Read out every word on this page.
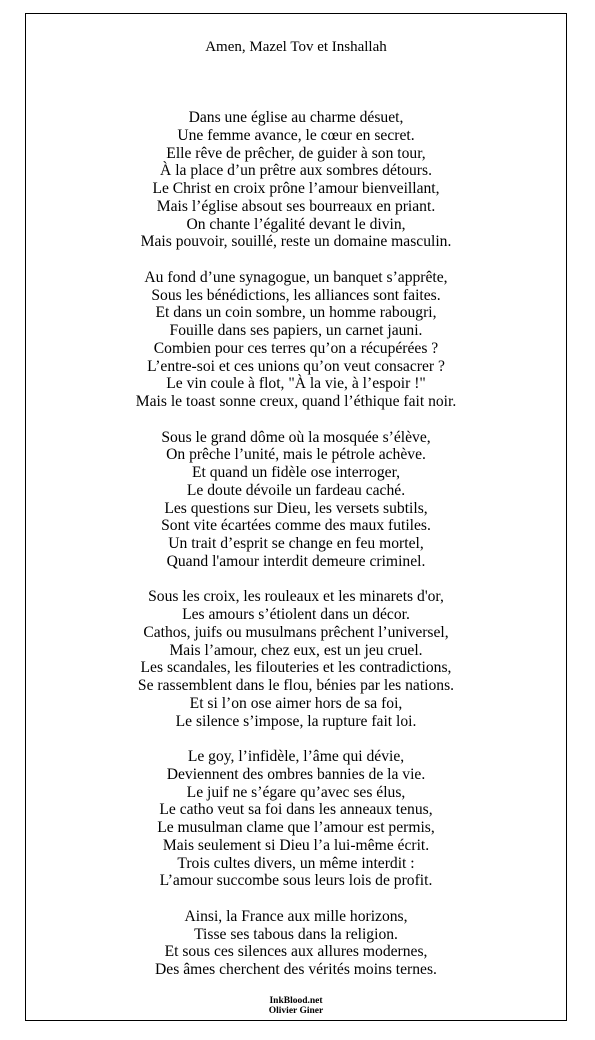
Amen, Mazel Tov et Inshallah
Dans une église au charme désuet,
Une femme avance, le cœur en secret.
Elle rêve de prêcher, de guider à son tour,
À la place d’un prêtre aux sombres détours.
Le Christ en croix prône l’amour bienveillant,
Mais l’église absout ses bourreaux en priant.
On chante l’égalité devant le divin,
Mais pouvoir, souillé, reste un domaine masculin.
Au fond d’une synagogue, un banquet s’apprête,
Sous les bénédictions, les alliances sont faites.
Et dans un coin sombre, un homme rabougri,
Fouille dans ses papiers, un carnet jauni.
Combien pour ces terres qu’on a récupérées ?
L’entre-soi et ces unions qu’on veut consacrer ?
Le vin coule à flot, "À la vie, à l’espoir !"
Mais le toast sonne creux, quand l’éthique fait noir.
Sous le grand dôme où la mosquée s’élève,
On prêche l’unité, mais le pétrole achève.
Et quand un fidèle ose interroger,
Le doute dévoile un fardeau caché.
Les questions sur Dieu, les versets subtils,
Sont vite écartées comme des maux futiles.
Un trait d’esprit se change en feu mortel,
Quand l'amour interdit demeure criminel.
Sous les croix, les rouleaux et les minarets d'or,
Les amours s’étiolent dans un décor.
Cathos, juifs ou musulmans prêchent l’universel,
Mais l’amour, chez eux, est un jeu cruel.
Les scandales, les filouteries et les contradictions,
Se rassemblent dans le flou, bénies par les nations.
Et si l’on ose aimer hors de sa foi,
Le silence s’impose, la rupture fait loi.
Le goy, l’infidèle, l’âme qui dévie,
Deviennent des ombres bannies de la vie.
Le juif ne s’égare qu’avec ses élus,
Le catho veut sa foi dans les anneaux tenus,
Le musulman clame que l’amour est permis,
Mais seulement si Dieu l’a lui-même écrit.
Trois cultes divers, un même interdit :
L’amour succombe sous leurs lois de profit.
Ainsi, la France aux mille horizons,
Tisse ses tabous dans la religion.
Et sous ces silences aux allures modernes,
Des âmes cherchent des vérités moins ternes.
InkBlood.net
Olivier Giner
